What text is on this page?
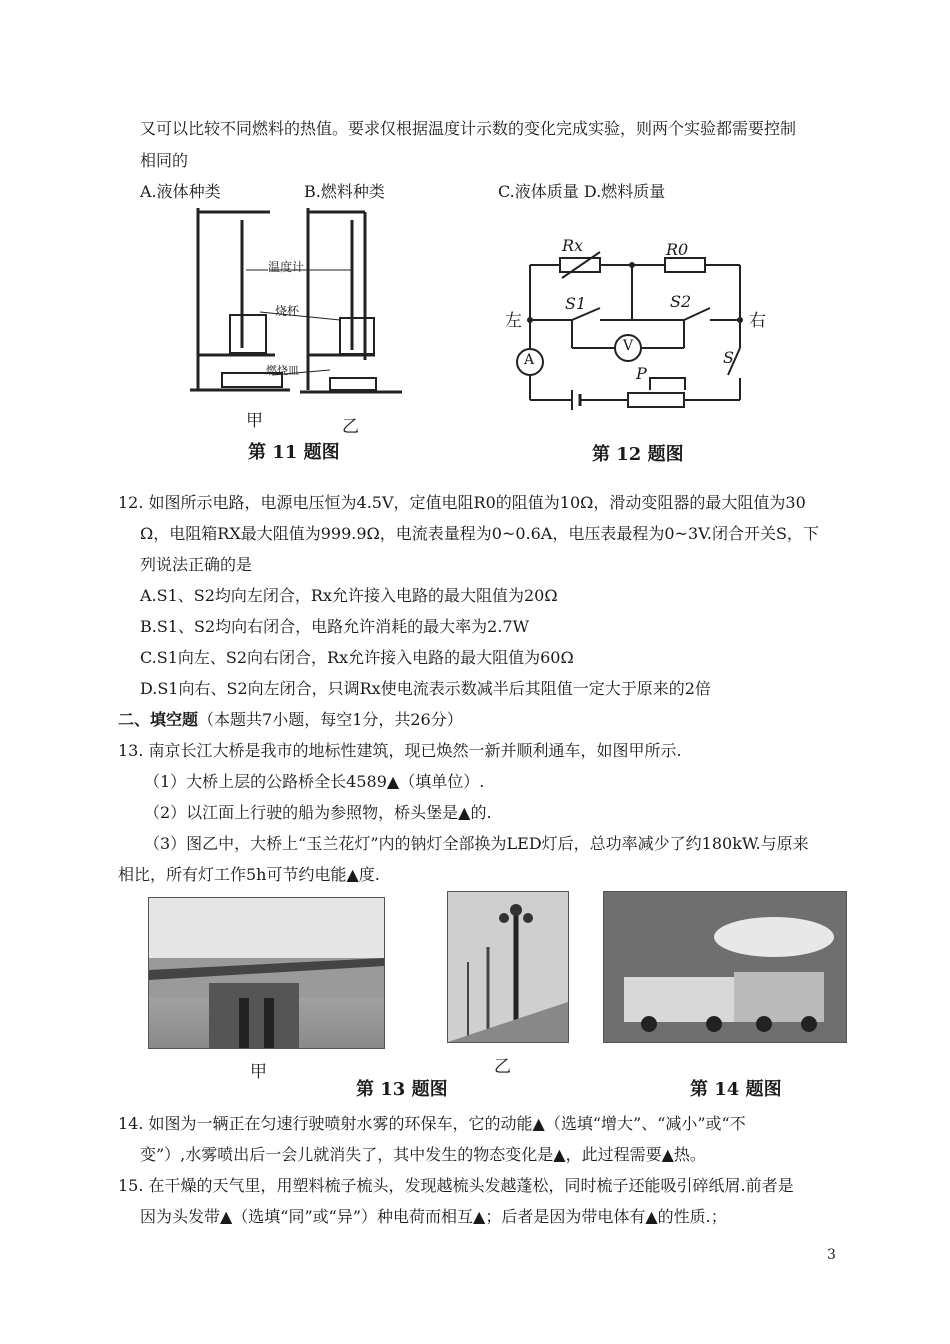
又可以比较不同燃料的热值。要求仅根据温度计示数的变化完成实验，则两个实验都需要控制
相同的
A.液体种类	B.燃料种类	C.液体质量 D.燃料质量
温度计
烧杯
燃烧皿
甲	乙
第 11 题图
Rx	R0
左	右
S1	S2
S
P
A
V
第 12 题图
12. 如图所示电路，电源电压恒为4.5V，定值电阻R0的阻值为10Ω，滑动变阻器的最大阻值为30
Ω，电阻箱RX最大阻值为999.9Ω，电流表量程为0~0.6A，电压表最程为0~3V.闭合开关S，下
列说法正确的是
A.S1、S2均向左闭合，Rx允许接入电路的最大阻值为20Ω
B.S1、S2均向右闭合，电路允许消耗的最大率为2.7W
C.S1向左、S2向右闭合，Rx允许接入电路的最大阻值为60Ω
D.S1向右、S2向左闭合，只调Rx使电流表示数减半后其阻值一定大于原来的2倍
二、填空题（本题共7小题，每空1分，共26分）
13. 南京长江大桥是我市的地标性建筑，现已焕然一新并顺利通车，如图甲所示.
（1）大桥上层的公路桥全长4589▲（填单位）.
（2）以江面上行驶的船为参照物，桥头堡是▲的.
（3）图乙中，大桥上“玉兰花灯”内的钠灯全部换为LED灯后，总功率减少了约180kW.与原来
相比，所有灯工作5h可节约电能▲度.
甲	乙
第 13 题图	第 14 题图
14. 如图为一辆正在匀速行驶喷射水雾的环保车，它的动能▲（选填“增大”、“减小”或“不
变”）,水雾喷出后一会儿就消失了，其中发生的物态变化是▲，此过程需要▲热。
15. 在干燥的天气里，用塑料梳子梳头，发现越梳头发越蓬松，同时梳子还能吸引碎纸屑.前者是
因为头发带▲（选填“同”或“异”）种电荷而相互▲；后者是因为带电体有▲的性质.；
3
